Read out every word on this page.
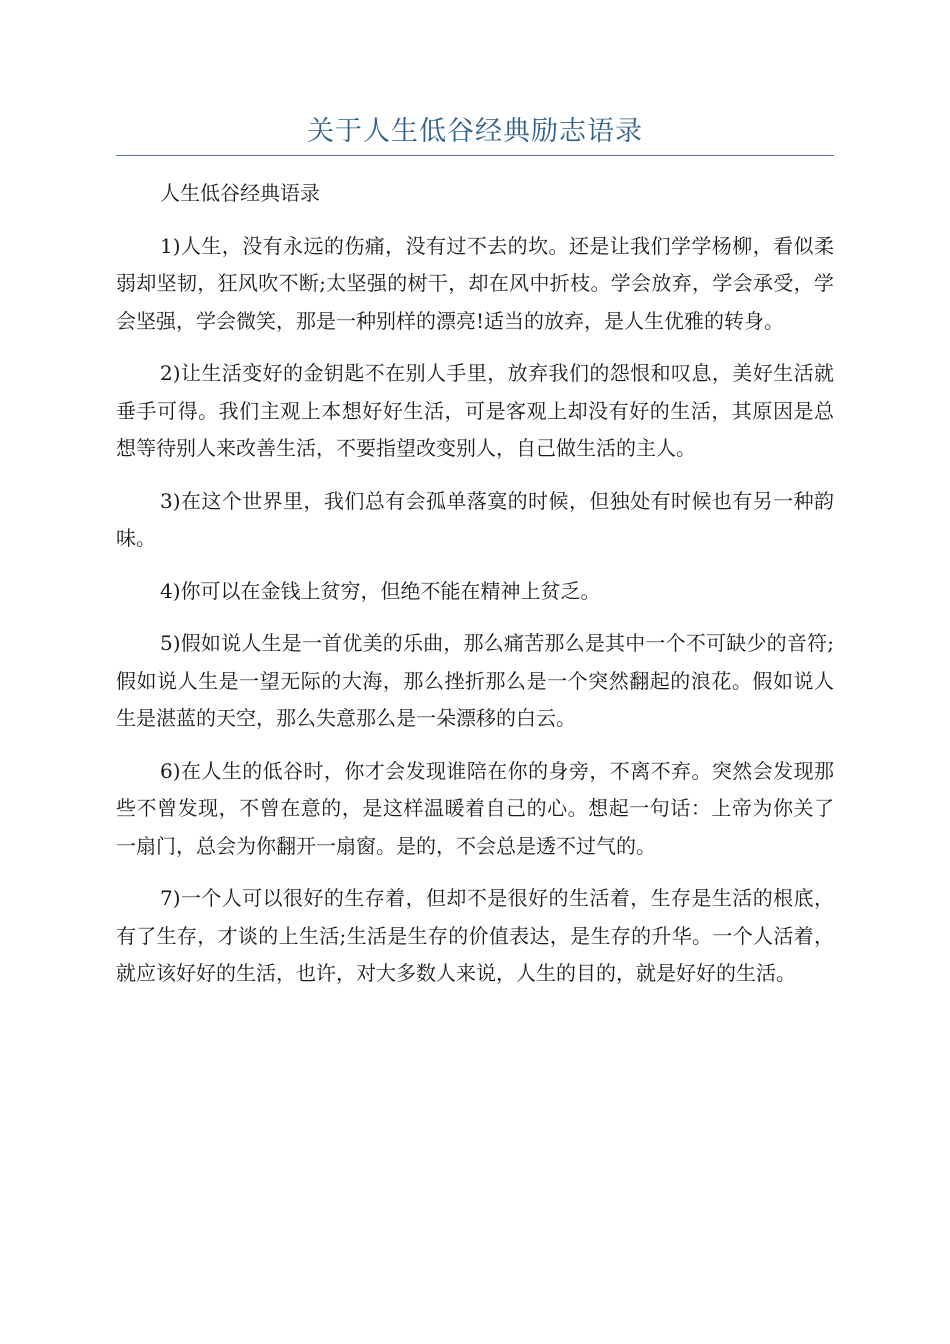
关于人生低谷经典励志语录

人生低谷经典语录

1)人生，没有永远的伤痛，没有过不去的坎。还是让我们学学杨柳，看似柔弱却坚韧，狂风吹不断;太坚强的树干，却在风中折枝。学会放弃，学会承受，学会坚强，学会微笑，那是一种别样的漂亮!适当的放弃，是人生优雅的转身。

2)让生活变好的金钥匙不在别人手里，放弃我们的怨恨和叹息，美好生活就垂手可得。我们主观上本想好好生活，可是客观上却没有好的生活，其原因是总想等待别人来改善生活，不要指望改变别人，自己做生活的主人。

3)在这个世界里，我们总有会孤单落寞的时候，但独处有时候也有另一种韵味。

4)你可以在金钱上贫穷，但绝不能在精神上贫乏。

5)假如说人生是一首优美的乐曲，那么痛苦那么是其中一个不可缺少的音符;假如说人生是一望无际的大海，那么挫折那么是一个突然翻起的浪花。假如说人生是湛蓝的天空，那么失意那么是一朵漂移的白云。

6)在人生的低谷时，你才会发现谁陪在你的身旁，不离不弃。突然会发现那些不曾发现，不曾在意的，是这样温暖着自己的心。想起一句话：上帝为你关了一扇门，总会为你翻开一扇窗。是的，不会总是透不过气的。

7)一个人可以很好的生存着，但却不是很好的生活着，生存是生活的根底，有了生存，才谈的上生活;生活是生存的价值表达，是生存的升华。一个人活着，就应该好好的生活，也许，对大多数人来说，人生的目的，就是好好的生活。
